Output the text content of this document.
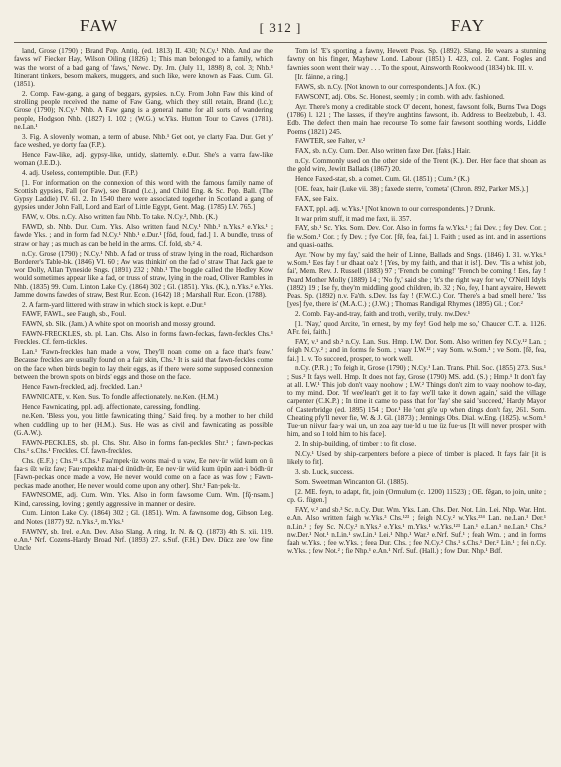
FAW	[ 312 ]	FAY

land, Grose (1790) ; Brand Pop. Antiq. (ed. 1813) II. 430; N.Cy.¹ Nhb. And aw the fawss wi' Fiecker Hay, Wilson Oiling (1826) 1; This man belonged to a family, which was the worst of a bad gang of 'faws,' Newc. Dy. Jrn. (July 11, 1898) 8, col. 3; Nhb.¹ Itinerant tinkers, besom makers, muggers, and such like, were known as Faas. Cum. Gl. (1851).

2. Comp. Faw-gang, a gang of beggars, gypsies. n.Cy. From John Faw this kind of strolling people received the name of Faw Gang, which they still retain, Brand (l.c.); Grose (1790); N.Cy.¹ Nhb. A Faw gang is a general name for all sorts of wandering people, Hodgson Nhb. (1827) I. 102 ; (W.G.) w.Yks. Hutton Tour to Caves (1781). ne.Lan.¹

3. Fig. A slovenly woman, a term of abuse. Nhb.¹ Get oot, ye clarty Faa. Dur. Get y' face weshed, ye dorty faa (F.P.).

Hence Faw-like, adj. gypsy-like, untidy, slatternly. e.Dur. She's a varra faw-like woman (J.E.D.).

4. adj. Useless, contemptible. Dur. (F.P.)

[1. For information on the connexion of this word with the famous family name of Scottish gypsies, Fall (or Faw), see Brand (l.c.), and Child Eng. & Sc. Pop. Ball. (The Gypsy Laddie) IV. 61. 2. In 1540 there were associated together in Scotland a gang of gypsies under John Fall, Lord and Earl of Little Egypt, Gent. Mag. (1785) LV. 765.]

FAW, v. Obs. n.Cy. Also written fau Nhb. To take. N.Cy.², Nhb. (K.)

FAWD, sb. Nhb. Dur. Cum. Yks. Also written faud N.Cy.¹ Nhb.¹ n.Yks.² e.Yks.¹ ; fawde Yks. ; and in form fad N.Cy.¹ Nhb.¹ e.Dur.¹ [fōd, foud, fad.] 1. A bundle, truss of straw or hay ; as much as can be held in the arms. Cf. fold, sb.² 4.

n.Cy. Grose (1790) ; N.Cy.¹ Nhb. A fad or truss of straw lying in the road, Richardson Borderer's Table-bk. (1846) VI. 60 ; Aw was thinkin' on the fad o' straw That Jack gae te wor Dolly, Allan Tyneside Sngs. (1891) 232 ; Nhb.¹ The boggle called the Hedley Kow would sometimes appear like a fad, or truss of straw, lying in the road, Oliver Rambles in Nhb. (1835) 99. Cum. Linton Lake Cy. (1864) 302 ; Gl. (1851). Yks. (K.), n.Yks.² e.Yks. Jamme downs fawdes of straw, Best Rur. Econ. (1642) 18 ; Marshall Rur. Econ. (1788).

2. A farm-yard littered with straw in which stock is kept. e.Dur.¹

FAWF, FAWL, see Faugh, sb., Foul.

FAWN, sb. Slk. (Jam.) A white spot on moorish and mossy ground.

FAWN-FRECKLES, sb. pl. Lan. Chs. Also in forms fawn-feckas, fawn-feckles Chs.¹ Freckles. Cf. fern-tickles.

Lan.¹ 'Fawn-freckles han made a vow, They'll noan come on a face that's feaw.' Because freckles are usually found on a fair skin, Chs.¹ It is said that fawn-feckles come on the face when birds begin to lay their eggs, as if there were some supposed connexion between the brown spots on birds' eggs and those on the face.

Hence Fawn-freckled, adj. freckled. Lan.¹

FAWNICATE, v. Ken. Sus. To fondle affectionately. ne.Ken. (H.M.)

Hence Fawnicating, ppl. adj. affectionate, caressing, fondling.

ne.Ken. 'Bless you, you little fawnicating thing.' Said freq. by a mother to her child when cuddling up to her (H.M.). Sus. He was as civil and fawnicating as possible (G.A.W.).

FAWN-PECKLES, sb. pl. Chs. Shr. Also in forms fan-peckles Shr.¹ ; fawn-peckas Chs.¹ s.Chs.¹ Freckles. Cf. fawn-freckles.

Chs. (E.F.) ; Chs.¹³ s.Chs.¹ Faa'mpek·üz wons mai·d u vaw, Ee nev·ür wiid kum on ü faa·s ü̈z wüz faw; Fau·mpekhz mai·d ünüdh·ür, Ee nev·ür wiid kum üpün aan·i bódh·ür [Fawn-peckas once made a vow, He never would come on a face as was fow ; Fawn-peckas made another, He never would come upon any other]. Shr.¹ Fan·pek·lz.

FAWNSOME, adj. Cum. Wm. Yks. Also in form fawsome Cum. Wm. [fǭ·nsəm.] Kind, caressing, loving ; gently aggressive in manner or desire.

Cum. Linton Lake Cy. (1864) 302 ; Gl. (1851). Wm. A fawnsome dog, Gibson Leg. and Notes (1877) 92. n.Yks.², m.Yks.¹

FAWNY, sb. Irel. e.An. Dev. Also Slang. A ring. Ir. N. & Q. (1873) 4th S. xii. 119. e.An.¹ Nrf. Cozens-Hardy Broad Nrf. (1893) 27. s.Suf. (F.H.) Dev. Dücz zee 'ow fine Uncle

Tom is! 'E's sporting a fawny, Hewett Peas. Sp. (1892). Slang. He wears a stunning fawny on his finger, Mayhew Lond. Labour (1851) I. 423, col. 2. Cant. Fogles and fawnies soon went their way . . . To the spout, Ainsworth Rookwood (1834) bk. III. v.

[Ir. fáinne, a ring.]

FAWS, sb. n.Cy. [Not known to our correspondents.] A fox. (K.)

FAWSONT, adj. Obs. Sc. Honest, seemly ; in comb. with adv. fashioned.

Ayr. There's mony a creditable stock O' decent, honest, fawsont folk, Burns Twa Dogs (1786) l. 121 ; The lasses, if they're aughtins fawsont, ib. Address to Beelzebub, l. 43. Edb. The defect then main hae recourse To some fair fawsont soothing words, Liddle Poems (1821) 245.

FAWTER, see Falter, v.²

FAX, sb. n.Cy. Cum. Der. Also written faxe Der. [faks.] Hair.

n.Cy. Commonly used on the other side of the Trent (K.). Der. Her face that shoan as the gold wire, Jewitt Ballads (1867) 20.

Hence Faxed-star, sb. a comet. Cum. Gl. (1851) ; Cum.² (K.)

[OE. feax, hair (Luke vii. 38) ; faxede sterre, 'cometa' (Chron. 892, Parker MS.).]

FAX, see Faix.

FAXT, ppl. adj. w.Yks.¹ [Not known to our correspondents.] ? Drunk.

It war prim stuff, it mad me faxt, ii. 357.

FAY, sb.¹ Sc. Yks. Som. Dev. Cor. Also in forms fa w.Yks.¹ ; fai Dev. ; fey Dev. Cor. ; fie w.Som.¹ Cor. ; fy Dev. ; fye Cor. [fē, fea, fai.] 1. Faith ; used as int. and in assertions and quasi-oaths.

Ayr. 'Now by my fay,' said the heir of Linne, Ballads and Sngs. (1846) I. 31. w.Yks.¹ w.Som.¹ Ees fay ! ur dhaat oa'z ! [Yes, by my faith, and that it is!]. Dev. 'Tis a whist job, fai', Mem. Rev. J. Russell (1883) 97 ; 'French be coming!' 'French be coming ! Ees, fay ! Peard Mother Molly (1889) 14 ; 'No fy,' said she ; 'it's the right way for we,' O'Neill Idyls (1892) 19 ; Ise fy, they'm middling good children, ib. 32 ; No, fey, I hant ayvaire, Hewett Peas. Sp. (1892) n.v. Fa'th. s.Dev. Iss fay ! (F.W.C.) Cor. 'There's a bad smell here.' 'Iss [yes] fye, there is' (M.A.C.) ; (J.W.) ; Thomas Randigal Rhymes (1895) Gl. ; Cor.²

2. Comb. Fay-and-tray, faith and troth, verily, truly. nw.Dev.¹

[1. 'Nay,' quod Arcite, 'in ernest, by my fey! God help me so,' Chaucer C.T. a. 1126. AFr. fei, faith.]

FAY, v.¹ and sb.² n.Cy. Lan. Sus. Hmp. I.W. Dor. Som. Also written fey N.Cy.¹² Lan. ; feigh N.Cy.² ; and in forms fe Som. ; vaay I.W.¹² ; vay Som. w.Som.¹ ; ve Som. [fē, fea, fai.] 1. v. To succeed, prosper, to work well.

n.Cy. (P.R.) ; To feigh it, Grose (1790) ; N.Cy.¹ Lan. Trans. Phil. Soc. (1855) 273. Sus.¹ ; Sus.² It fays well. Hmp. It does not fay, Grose (1790) MS. add. (S.) ; Hmp.¹ It don't fay at all. I.W.¹ This job don't vaay noohow ; I.W.² Things don't zim to vaay noohow to-day, to my mind. Dor. 'If wee'lean't get it to fay we'll take it down again,' said the village carpenter (C.K.P.) ; In time it came to pass that for 'fay' she said 'succeed,' Hardy Mayor of Casterbridge (ed. 1895) 154 ; Dor.¹ He 'ont gi'e up when dings don't fay, 261. Som. Cheating pfy'll never fie, W. & J. Gl. (1873) ; Jennings Obs. Dial. w.Eng. (1825). w.Som.¹ Tue·un niivur faa·y wai un, un zoa aay tue·ld u tue üz fue·us [It will never prosper with him, and so I told him to his face].

2. In ship-building, of timber : to fit close.

N.Cy.¹ Used by ship-carpenters before a piece of timber is placed. It fays fair [it is likely to fit].

3. sb. Luck, success.

Som. Sweetman Wincanton Gl. (1885).

[2. ME. feyn, to adapt, fit, join (Ormulum (c. 1200) 11523) ; OE. fēgan, to join, unite ; cp. G. fügen.]

FAY, v.² and sb.³ Sc. n.Cy. Dur. Wm. Yks. Lan. Chs. Der. Not. Lin. Lei. Nhp. War. Hnt. e.An. Also written faigh w.Yks.³ Chs.¹²³ ; feigh N.Cy.² w.Yks.²³⁴ Lan. ne.Lan.¹ Der.¹ n.Lin.¹ ; fey Sc. N.Cy.² n.Yks.² e.Yks.¹ m.Yks.¹ w.Yks.¹²³ Lan.¹ e.Lan.¹ ne.Lan.¹ Chs.² nw.Der.¹ Not.¹ n.Lin.¹ sw.Lin.¹ Lei.¹ Nhp.¹ War.² e.Nrf. Suf.¹ ; feah Wm. ; and in forms faah w.Yks. ; fee w.Yks. ; feea Dur. Chs. ; fee N.Cy.² Chs.¹ s.Chs.¹ Der.² Lin.¹ ; fei n.Cy. w.Yks. ; few Not.² ; fie Nhp.¹ e.An.¹ Nrf. Suf. (Hall.) ; fow Dur. Nhp.¹ Bdf.
